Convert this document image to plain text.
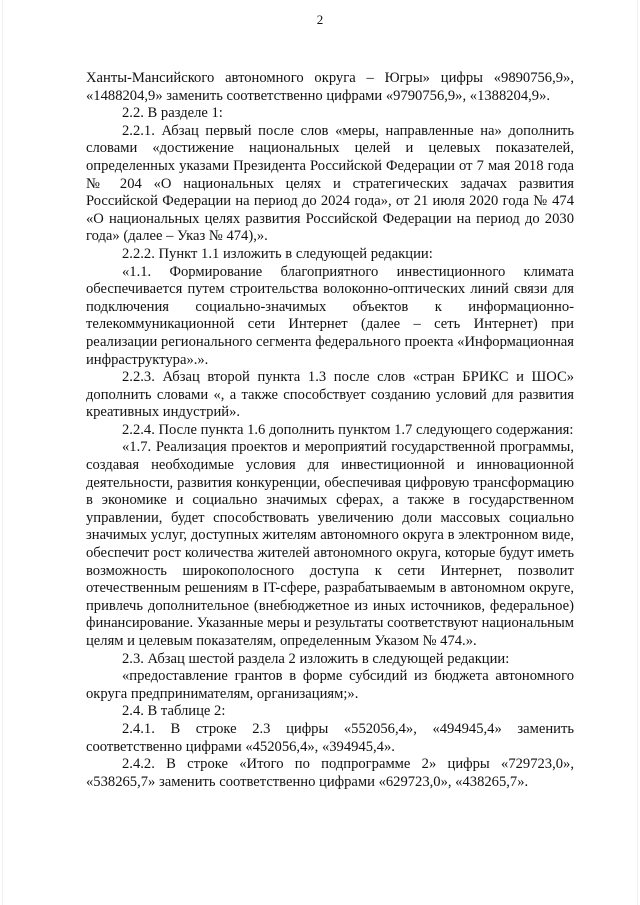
2

Ханты-Мансийского автономного округа – Югры» цифры «9890756,9», «1488204,9» заменить соответственно цифрами «9790756,9», «1388204,9».

2.2. В разделе 1:

2.2.1. Абзац первый после слов «меры, направленные на» дополнить словами «достижение национальных целей и целевых показателей, определенных указами Президента Российской Федерации от 7 мая 2018 года № 204 «О национальных целях и стратегических задачах развития Российской Федерации на период до 2024 года», от 21 июля 2020 года № 474 «О национальных целях развития Российской Федерации на период до 2030 года» (далее – Указ № 474),».

2.2.2. Пункт 1.1 изложить в следующей редакции:

«1.1. Формирование благоприятного инвестиционного климата обеспечивается путем строительства волоконно-оптических линий связи для подключения социально-значимых объектов к информационно-телекоммуникационной сети Интернет (далее – сеть Интернет) при реализации регионального сегмента федерального проекта «Информационная инфраструктура».».

2.2.3. Абзац второй пункта 1.3 после слов «стран БРИКС и ШОС» дополнить словами «, а также способствует созданию условий для развития креативных индустрий».

2.2.4. После пункта 1.6 дополнить пунктом 1.7 следующего содержания:

«1.7. Реализация проектов и мероприятий государственной программы, создавая необходимые условия для инвестиционной и инновационной деятельности, развития конкуренции, обеспечивая цифровую трансформацию в экономике и социально значимых сферах, а также в государственном управлении, будет способствовать увеличению доли массовых социально значимых услуг, доступных жителям автономного округа в электронном виде, обеспечит рост количества жителей автономного округа, которые будут иметь возможность широкополосного доступа к сети Интернет, позволит отечественным решениям в IT-сфере, разрабатываемым в автономном округе, привлечь дополнительное (внебюджетное из иных источников, федеральное) финансирование. Указанные меры и результаты соответствуют национальным целям и целевым показателям, определенным Указом № 474.».

2.3. Абзац шестой раздела 2 изложить в следующей редакции:

«предоставление грантов в форме субсидий из бюджета автономного округа предпринимателям, организациям;».

2.4. В таблице 2:

2.4.1. В строке 2.3 цифры «552056,4», «494945,4» заменить соответственно цифрами «452056,4», «394945,4».

2.4.2. В строке «Итого по подпрограмме 2» цифры «729723,0», «538265,7» заменить соответственно цифрами «629723,0», «438265,7».
